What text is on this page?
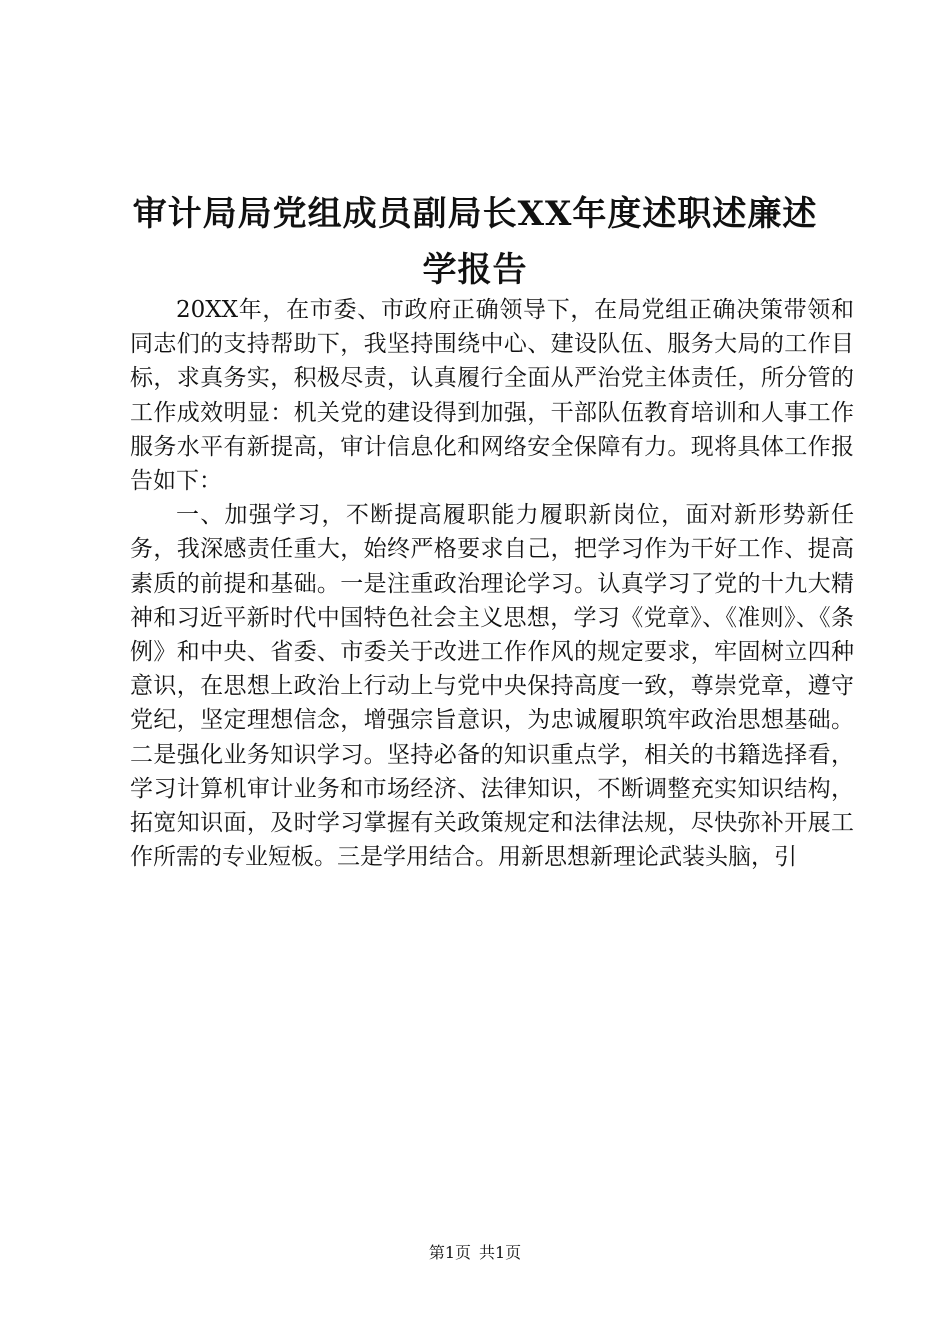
审计局局党组成员副局长XX年度述职述廉述学报告

20XX年，在市委、市政府正确领导下，在局党组正确决策带领和同志们的支持帮助下，我坚持围绕中心、建设队伍、服务大局的工作目标，求真务实，积极尽责，认真履行全面从严治党主体责任，所分管的工作成效明显：机关党的建设得到加强，干部队伍教育培训和人事工作服务水平有新提高，审计信息化和网络安全保障有力。现将具体工作报告如下：

一、加强学习，不断提高履职能力履职新岗位，面对新形势新任务，我深感责任重大，始终严格要求自己，把学习作为干好工作、提高素质的前提和基础。一是注重政治理论学习。认真学习了党的十九大精神和习近平新时代中国特色社会主义思想，学习《党章》、《准则》、《条例》和中央、省委、市委关于改进工作作风的规定要求，牢固树立四种意识，在思想上政治上行动上与党中央保持高度一致，尊崇党章，遵守党纪，坚定理想信念，增强宗旨意识，为忠诚履职筑牢政治思想基础。二是强化业务知识学习。坚持必备的知识重点学，相关的书籍选择看，学习计算机审计业务和市场经济、法律知识，不断调整充实知识结构，拓宽知识面，及时学习掌握有关政策规定和法律法规，尽快弥补开展工作所需的专业短板。三是学用结合。用新思想新理论武装头脑，引

第1页 共1页
